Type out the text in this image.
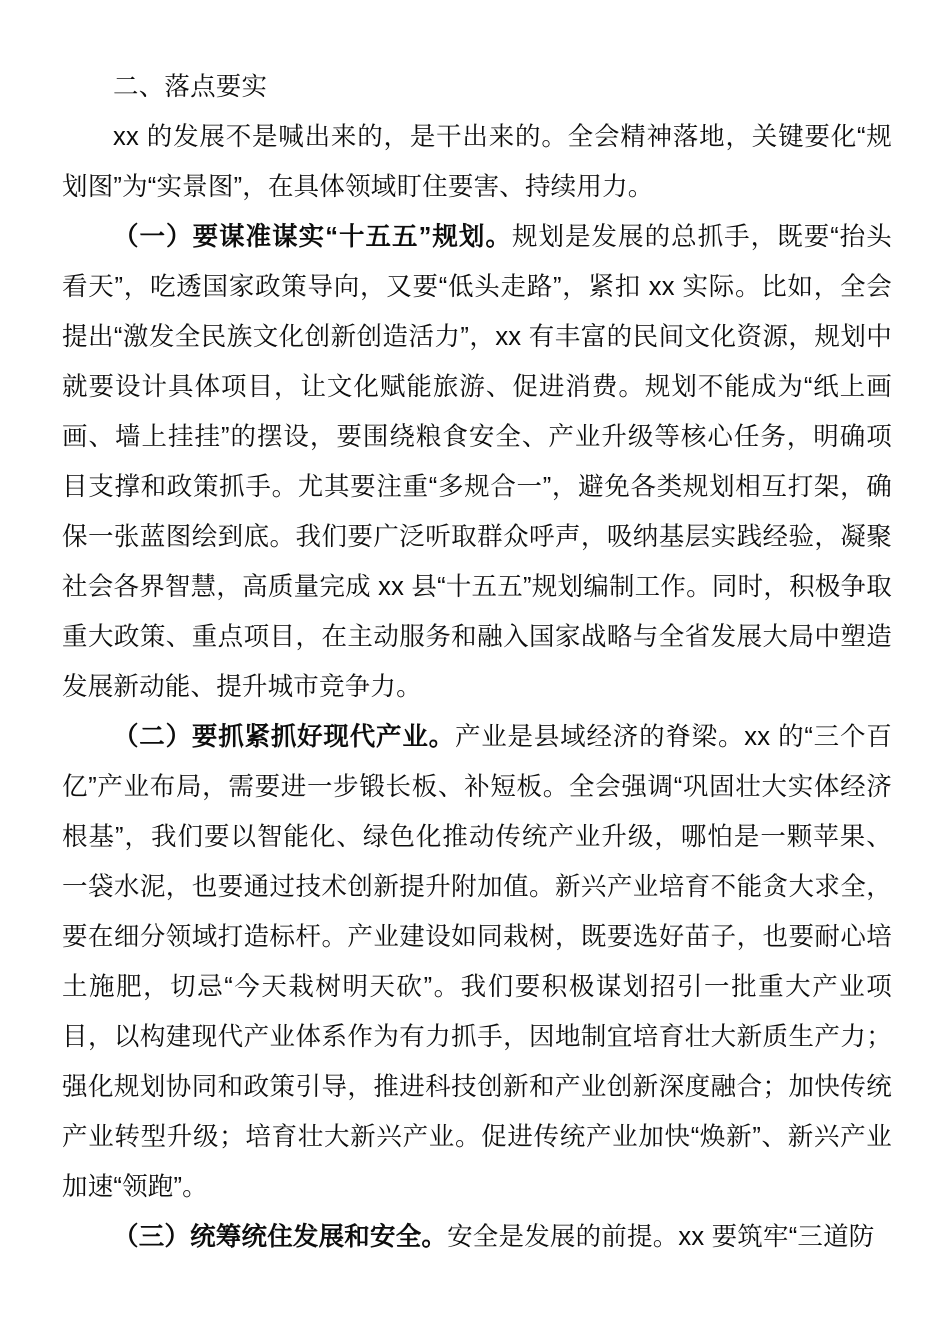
二、落点要实

xx 的发展不是喊出来的，是干出来的。全会精神落地，关键要化“规划图”为“实景图”，在具体领域盯住要害、持续用力。

（一）要谋准谋实“十五五”规划。规划是发展的总抓手，既要“抬头看天”，吃透国家政策导向，又要“低头走路”，紧扣 xx 实际。比如，全会提出“激发全民族文化创新创造活力”，xx 有丰富的民间文化资源，规划中就要设计具体项目，让文化赋能旅游、促进消费。规划不能成为“纸上画画、墙上挂挂”的摆设，要围绕粮食安全、产业升级等核心任务，明确项目支撑和政策抓手。尤其要注重“多规合一”，避免各类规划相互打架，确保一张蓝图绘到底。我们要广泛听取群众呼声，吸纳基层实践经验，凝聚社会各界智慧，高质量完成 xx 县“十五五”规划编制工作。同时，积极争取重大政策、重点项目，在主动服务和融入国家战略与全省发展大局中塑造发展新动能、提升城市竞争力。

（二）要抓紧抓好现代产业。产业是县域经济的脊梁。xx 的“三个百亿”产业布局，需要进一步锻长板、补短板。全会强调“巩固壮大实体经济根基”，我们要以智能化、绿色化推动传统产业升级，哪怕是一颗苹果、一袋水泥，也要通过技术创新提升附加值。新兴产业培育不能贪大求全，要在细分领域打造标杆。产业建设如同栽树，既要选好苗子，也要耐心培土施肥，切忌“今天栽树明天砍”。我们要积极谋划招引一批重大产业项目，以构建现代产业体系作为有力抓手，因地制宜培育壮大新质生产力；强化规划协同和政策引导，推进科技创新和产业创新深度融合；加快传统产业转型升级；培育壮大新兴产业。促进传统产业加快“焕新”、新兴产业加速“领跑”。

（三）统筹统住发展和安全。安全是发展的前提。xx 要筑牢“三道防
